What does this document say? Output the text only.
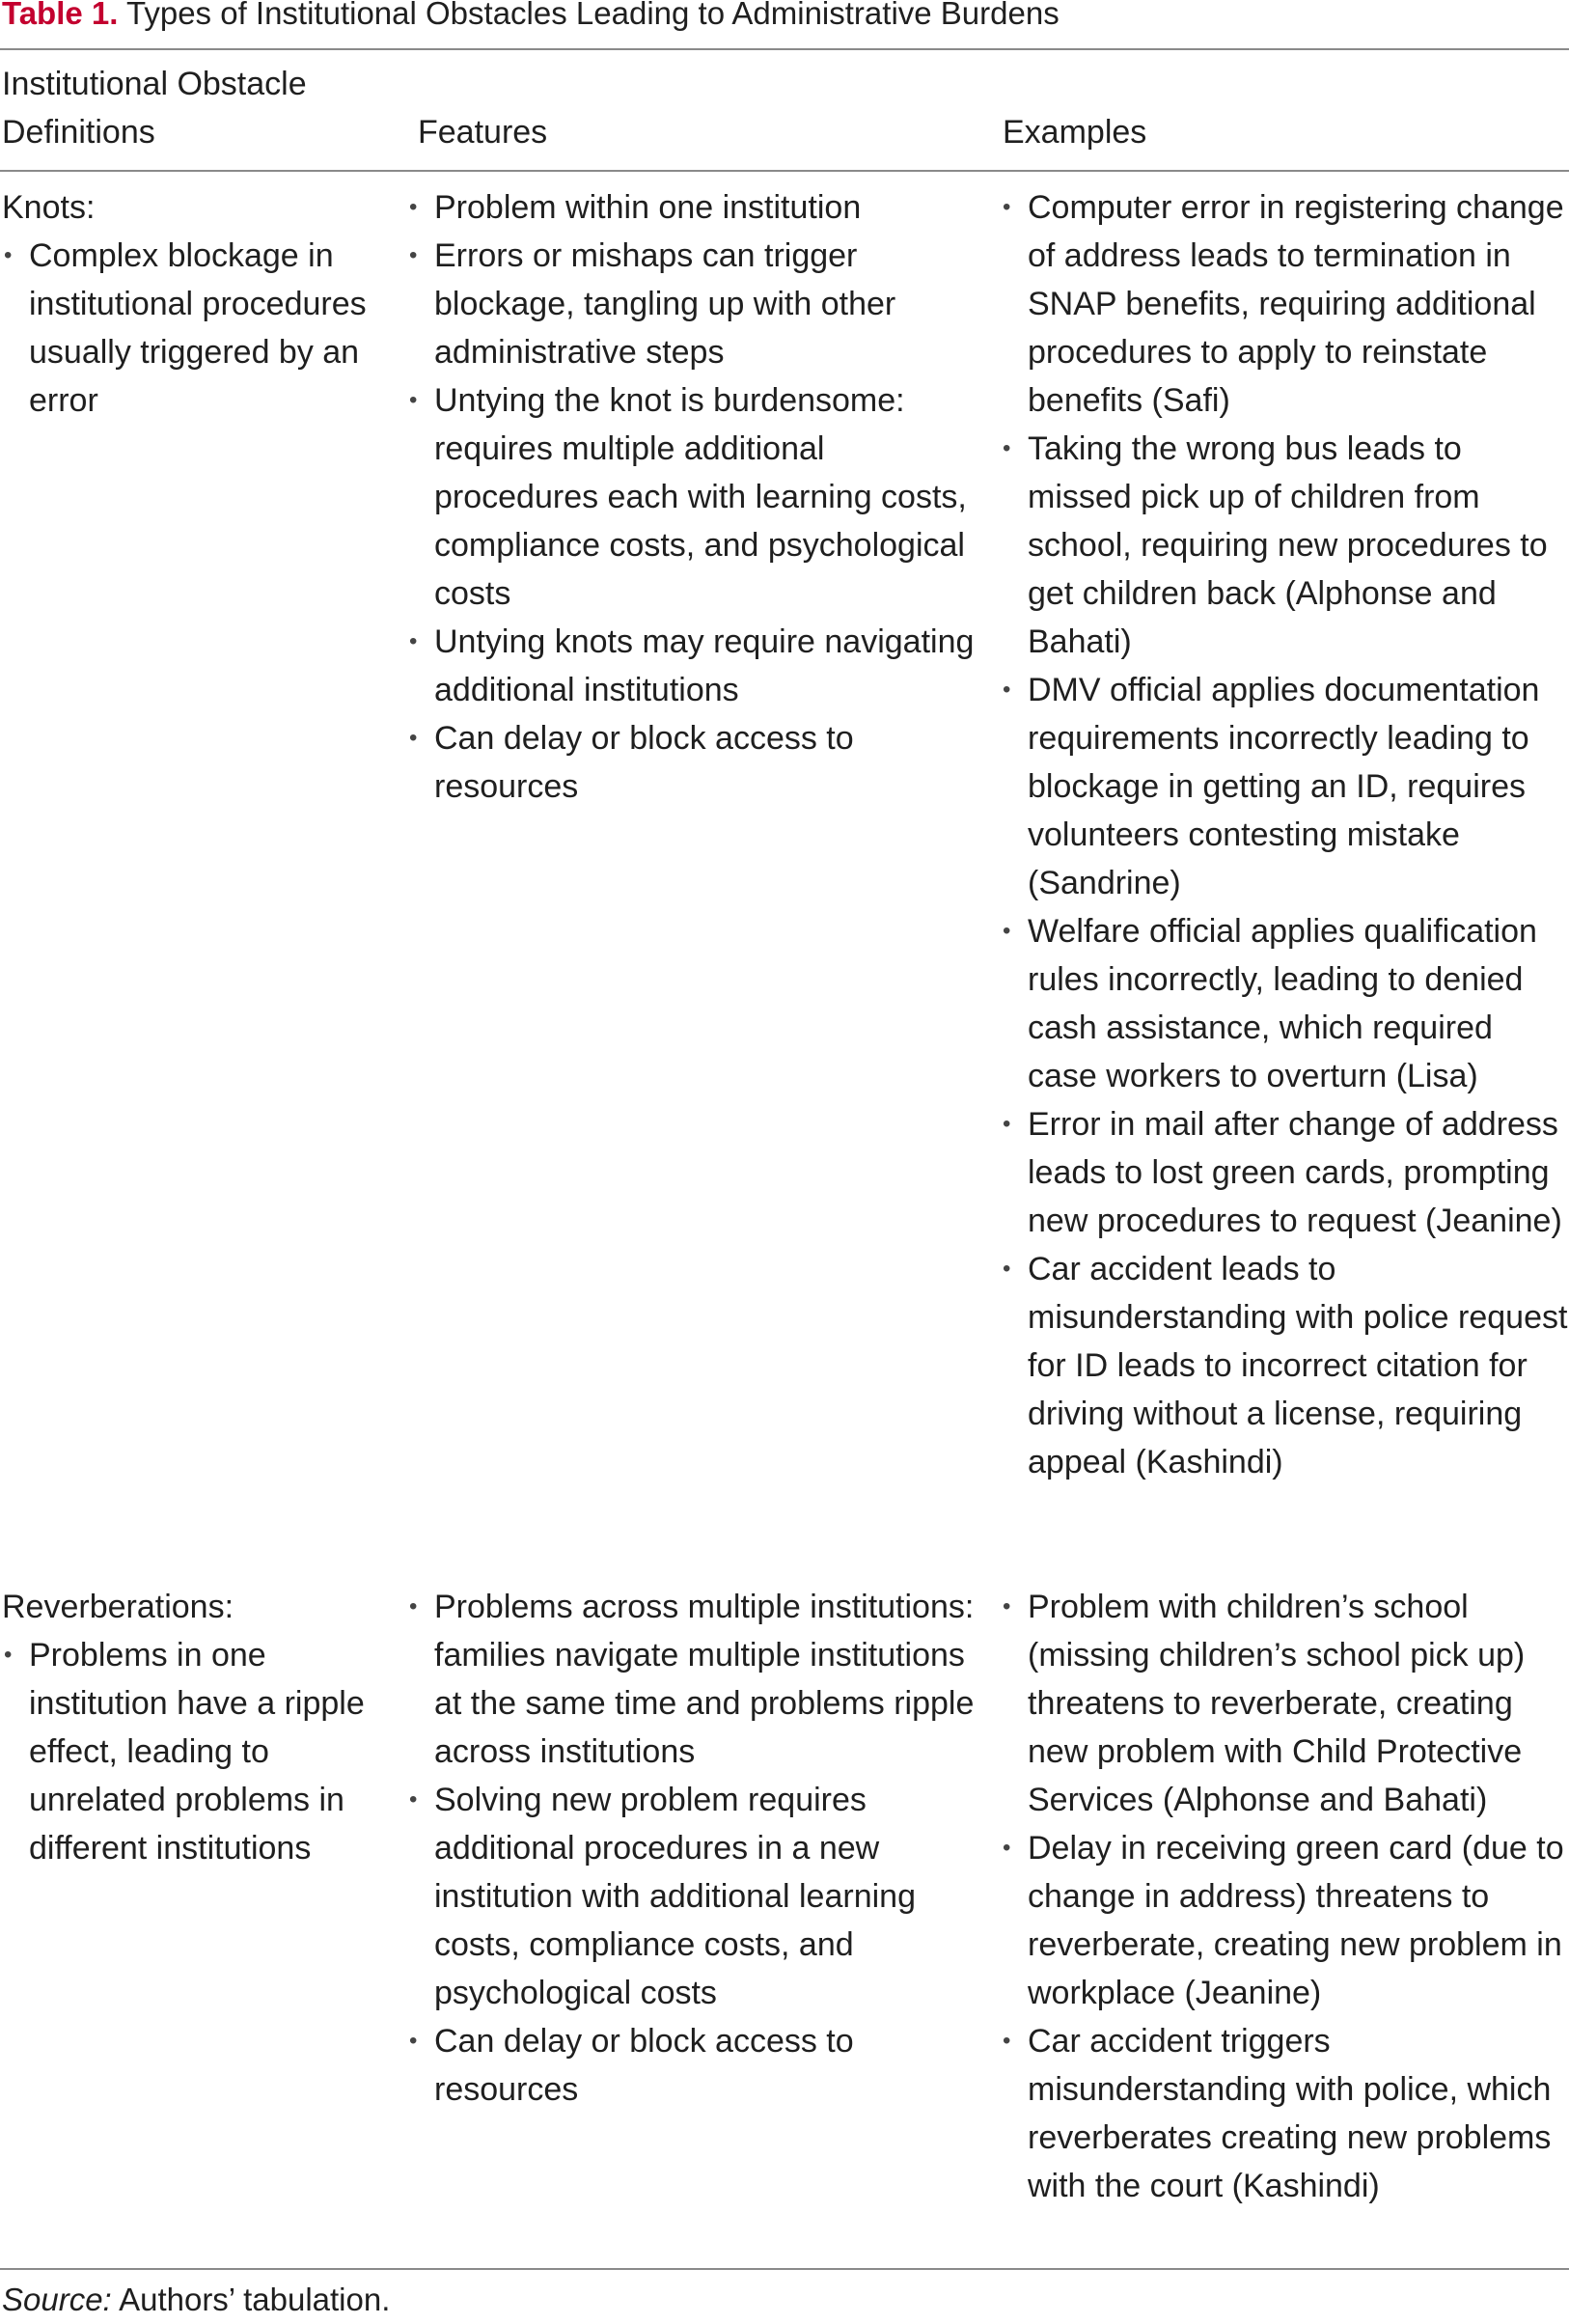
Table 1. Types of Institutional Obstacles Leading to Administrative Burdens
Institutional Obstacle Definitions	Features	Examples
Knots:
• Complex blockage in institutional procedures usually triggered by an error
• Problem within one institution
• Errors or mishaps can trigger blockage, tangling up with other administrative steps
• Untying the knot is burdensome: requires multiple additional procedures each with learning costs, compliance costs, and psychological costs
• Untying knots may require navigating additional institutions
• Can delay or block access to resources
• Computer error in registering change of address leads to termination in SNAP benefits, requiring additional procedures to apply to reinstate benefits (Safi)
• Taking the wrong bus leads to missed pick up of children from school, requiring new procedures to get children back (Alphonse and Bahati)
• DMV official applies documentation requirements incorrectly leading to blockage in getting an ID, requires volunteers contesting mistake (Sandrine)
• Welfare official applies qualification rules incorrectly, leading to denied cash assistance, which required case workers to overturn (Lisa)
• Error in mail after change of address leads to lost green cards, prompting new procedures to request (Jeanine)
• Car accident leads to misunderstanding with police request for ID leads to incorrect citation for driving without a license, requiring appeal (Kashindi)
Reverberations:
• Problems in one institution have a ripple effect, leading to unrelated problems in different institutions
• Problems across multiple institutions: families navigate multiple institutions at the same time and problems ripple across institutions
• Solving new problem requires additional procedures in a new institution with additional learning costs, compliance costs, and psychological costs
• Can delay or block access to resources
• Problem with children’s school (missing children’s school pick up) threatens to reverberate, creating new problem with Child Protective Services (Alphonse and Bahati)
• Delay in receiving green card (due to change in address) threatens to reverberate, creating new problem in workplace (Jeanine)
• Car accident triggers misunderstanding with police, which reverberates creating new problems with the court (Kashindi)
Source: Authors’ tabulation.
